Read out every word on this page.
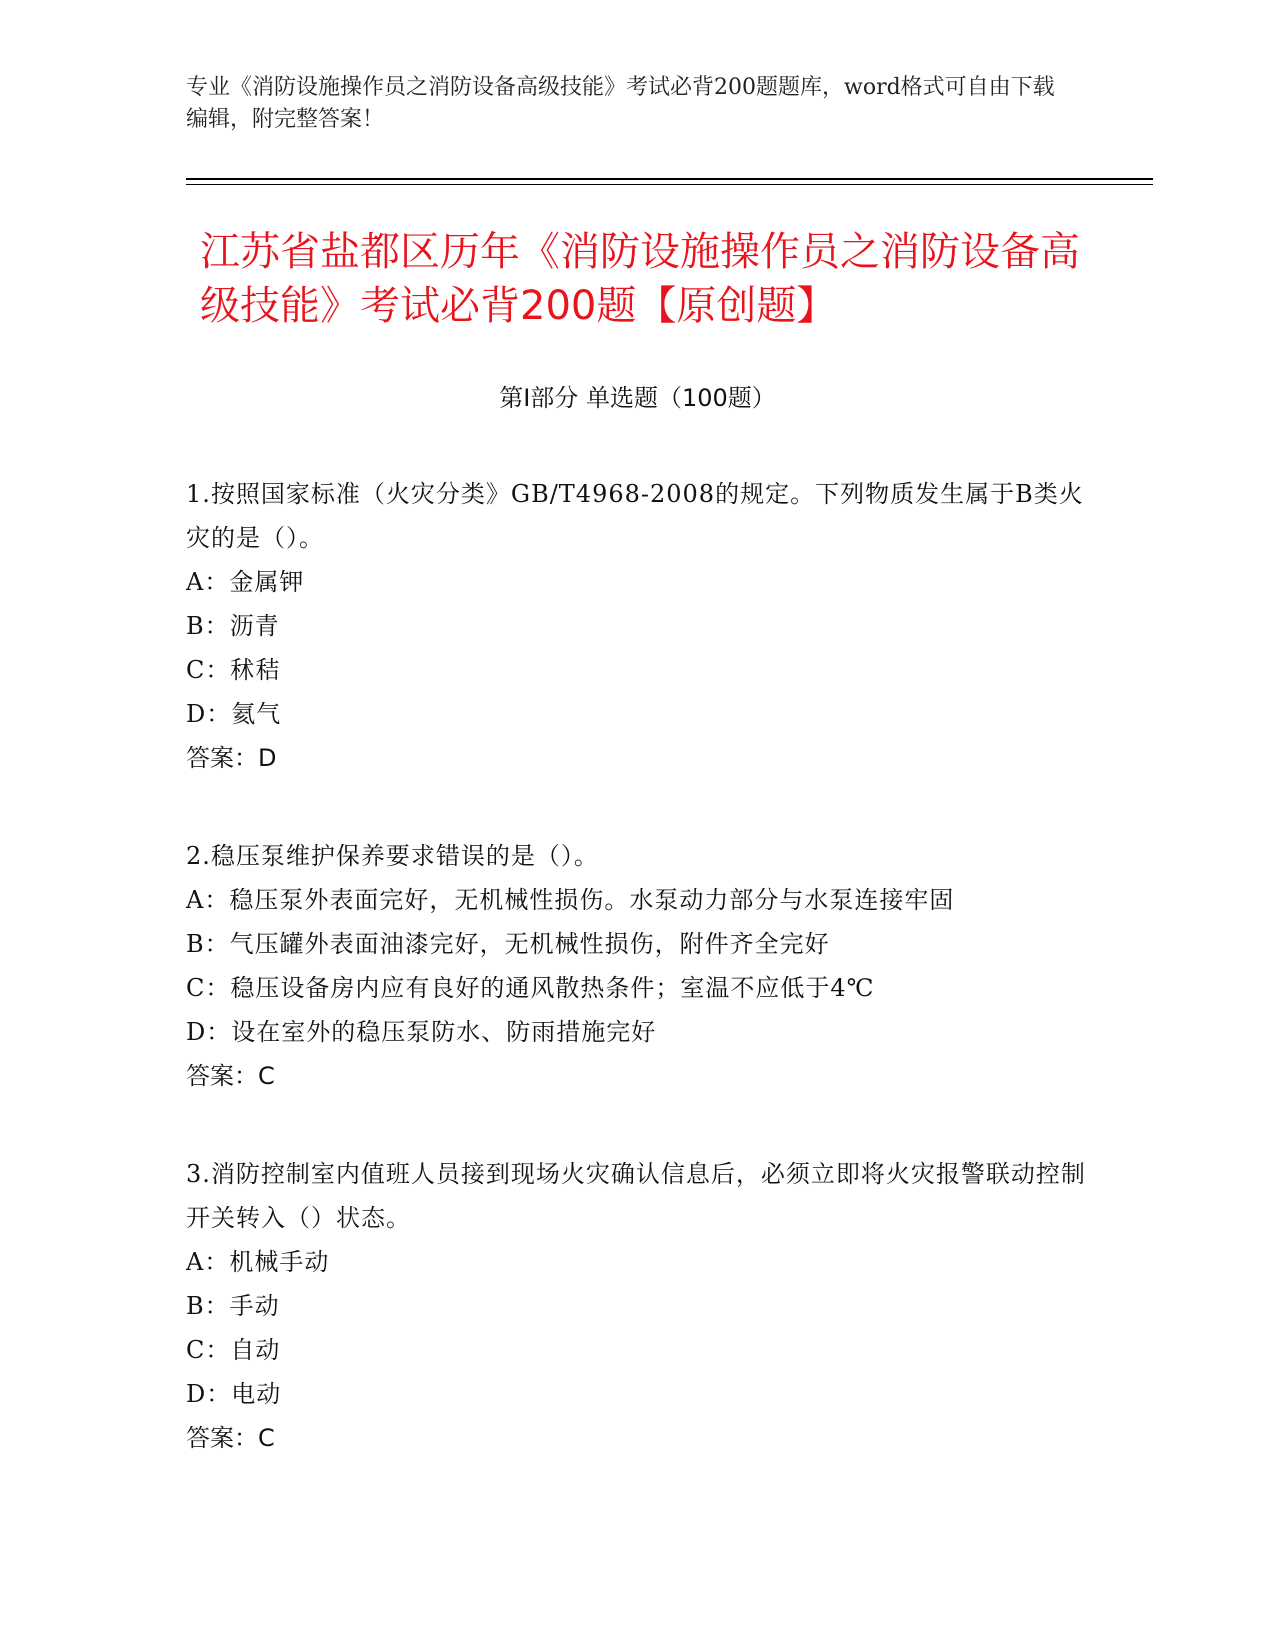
专业《消防设施操作员之消防设备高级技能》考试必背200题题库，word格式可自由下载编辑，附完整答案！
江苏省盐都区历年《消防设施操作员之消防设备高级技能》考试必背200题【原创题】
第I部分 单选题（100题）
1.按照国家标准（火灾分类》GB/T4968-2008的规定。下列物质发生属于B类火灾的是（）。
A：金属钾
B：沥青
C：秫秸
D：氦气
答案：D
2.稳压泵维护保养要求错误的是（）。
A：稳压泵外表面完好，无机械性损伤。水泵动力部分与水泵连接牢固
B：气压罐外表面油漆完好，无机械性损伤，附件齐全完好
C：稳压设备房内应有良好的通风散热条件；室温不应低于4℃
D：设在室外的稳压泵防水、防雨措施完好
答案：C
3.消防控制室内值班人员接到现场火灾确认信息后，必须立即将火灾报警联动控制开关转入（）状态。
A：机械手动
B：手动
C：自动
D：电动
答案：C
